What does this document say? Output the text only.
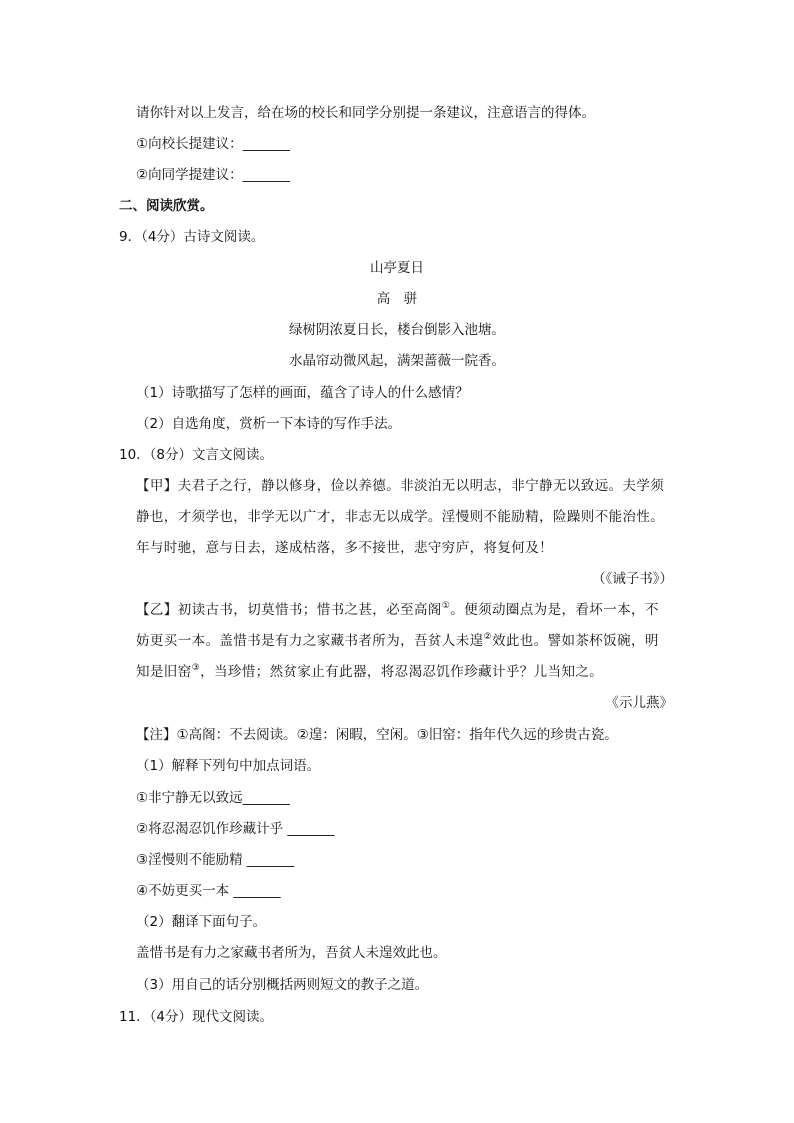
请你针对以上发言，给在场的校长和同学分别提一条建议，注意语言的得体。
①向校长提建议：_______
②向同学提建议：_______
二、阅读欣赏。
9．（4分）古诗文阅读。
山亭夏日
高　骈
绿树阴浓夏日长，楼台倒影入池塘。
水晶帘动微风起，满架蔷薇一院香。
（1）诗歌描写了怎样的画面，蕴含了诗人的什么感情？
（2）自选角度，赏析一下本诗的写作手法。
10．（8分）文言文阅读。
【甲】夫君子之行，静以修身，俭以养德。非淡泊无以明志，非宁静无以致远。夫学须
静也，才须学也，非学无以广才，非志无以成学。淫慢则不能励精，险躁则不能治性。
年与时驰，意与日去，遂成枯落，多不接世，悲守穷庐，将复何及！
（《诫子书》）
【乙】初读古书，切莫惜书；惜书之甚，必至高阁①。便须动圈点为是，看坏一本，不
妨更买一本。盖惜书是有力之家藏书者所为，吾贫人未遑②效此也。譬如茶杯饭碗，明
知是旧窑③，当珍惜；然贫家止有此器，将忍渴忍饥作珍藏计乎？儿当知之。
《示儿燕》
【注】①高阁：不去阅读。②遑：闲暇，空闲。③旧窑：指年代久远的珍贵古瓷。
（1）解释下列句中加点词语。
①非宁静无以致远_______
②将忍渴忍饥作珍藏计乎 _______
③淫慢则不能励精 _______
④不妨更买一本 _______
（2）翻译下面句子。
盖惜书是有力之家藏书者所为，吾贫人未遑效此也。
（3）用自己的话分别概括两则短文的教子之道。
11．（4分）现代文阅读。
